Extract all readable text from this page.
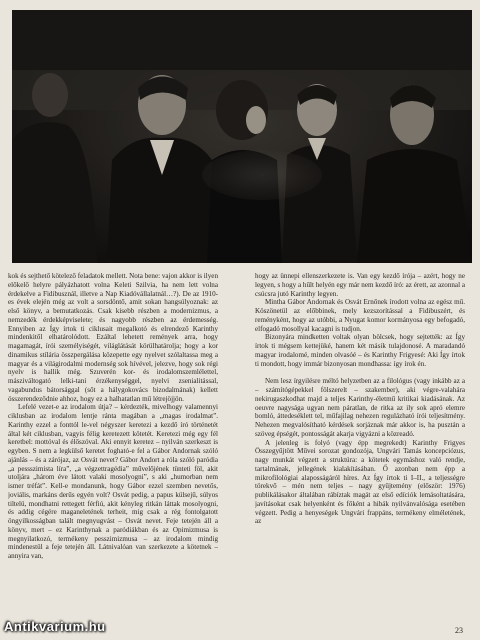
kok és sejthető kötelező feladatok mellett. Nota bene: vajon akkor is ilyen előkelő helyre pályázhatott volna Keleti Szilvia, ha nem lett volna érdekelve a Fidibusznál, illetve a Nap Kiadóvállalatnál…?). De az 1910-es évek elején még az volt a sorsdöntő, amit sokan hangsúlyoznak: az első könyv, a bemutatkozás. Csak kisebb részben a modernizmus, a nemzedék érdekképviselete; és nagyobb részben az érdemesség. Ennyiben az Így írtok ti ciklusait megalkotó és elrendező Karinthy mindenkitől elhatárolódott. Ezáltal lehetett remények arra, hogy magamagát, írói személyiségét, világlátását körülhatárolja; hogy a kor dinamikus stílária összpergálása közepette egy nyelvet szólaltassa meg a magyar és a világirodalmi modernség sok hívével, jelezve, hogy sok régi nyelv is hallik még. Szuverén kor- és irodalomszemlélettel, másziváltogató lelki-tani érzékenységgel, nyelvi zsenialitással, vagabundus bátorsággal (sőt a hálygokovács bizodalmának) kellett összerendeződnie ahhoz, hogy ez a halhatatlan mű létrejöjjön.

Lefelé vezet-e az irodalom útja? – kérdezték, mivelhogy valamennyi ciklusban az irodalom lentje ránta magában a „magas irodalmat”. Karinthy ezzel a fonttól le-vel négyszer keretezi a kezdő író történetét által két ciklusban, vagyis félig keretezett kötetét. Keretezi még egy fél keretbel: mottóval és élőszóval. Aki ennyit keretez – nyilván szerkeszt is egyben. S nem a legkülső keretet fogható-e fel a Gábor Andornak szóló ajánlás – és a zárójaz, az Osvát nevet? Gábor Andort a róla szóló paródia „a pessszimista líra”, „a végzettragédia” művelőjének tünteti föl, akit utoljára „három éve látott valaki mosolyogni”, s aki „humorban nem ismer tréfát”. Kell-e mondanunk, hogy Gábor ezzel szemben nevetős, joviális, markáns derűs egyén volt? Osvát pedig, a papus külsejű, súlyos tiltelü, mondhatni rettegett férfiú, akit kényleg ritkán láttak mosolyogni, és addig cégére maganeletének terheit, mig csak a rég fontolgatott öngyilkosságban talált megnyugvást – Osvát nevet. Feje tetején áll a könyv, mert – ez Karinthynak a paródiákban és az Opimizmusa is megnyilatkozó, termékeny pesszimizmusa – az irodalom mindig mindenestül a feje tetején áll. Látnivalóan van szerkezete a kötetnek – annyira van,

hogy az ünnepi ellenszerkezete is. Van egy kezdő írója – azért, hogy ne legyen, s hogy a hűlt helyén egy már nem kezdő író: az érett, az azonnal a csúcsra jutó Karinthy legyen.

Mintha Gábor Andornak és Osvát Ernőnek írodott volna az egész mű. Köszönetül az előbbinek, mely kezszorítással a Fidibuszért, és reményként, hogy az utóbbi, a Nyugat komor kormányosa egy befogadó, elfogadó mosollyal kacagni is tudjon.

Bizonyára mindketten voltak olyan bölcsek, hogy sejtették: az Így írtok ti mégsem kettejüké, hanem két másik tulajdonosé. A maradandó magyar irodalomé, minden olvasóé – és Karinthy Frigyesé: Aki Így írtok ti mondott, hogy immár bizonyosan mondhassa: így írok én.

Nem lesz írgyilésre méltó helyzetben az a filológus (vagy inkább az a – számítógépekkel fölszerelt – szakember), aki végre-valahára nekirugaszkodhat majd a teljes Karinthy-életmű kritikai kiadásának. Az oeuvre nagysága ugyan nem páratlan, de ritka az ily sok apró elemre bomló, áttedeséklett tel, műfajilag nehezen regulázható írói teljesítmény. Nehezen megvalósítható kérdések sorjáznak már akkor is, ha pusztán a szöveg épségét, pontosságát akarja vigyázni a közreadó.

A jelenleg is folyó (vagy épp megrekedt) Karinthy Frigyes Összegyűjtött Művei sorozat gondozója, Ungvári Tamás koncepciózus, nagy munkát végzett a struktúra: a kötetek egymáshoz való rendje, tartalmának, jellegének kialakításában. Ő azonban nem épp a mikrofilológiai alaposságáról híres. Az Így írtok ti I–II., a teljességre törekvő – mén nem teljes – nagy gyűjtemény (először: 1976) publikálásakor általában rábíztak magát az első edíciók lemásoltatására, javításokat csak helyenként és főként a hibák nyilvánvalósága esetében végzett. Pedig a henyeségek Ungvári frappáns, termékeny elméletének, az

Antikvarium.hu	23
